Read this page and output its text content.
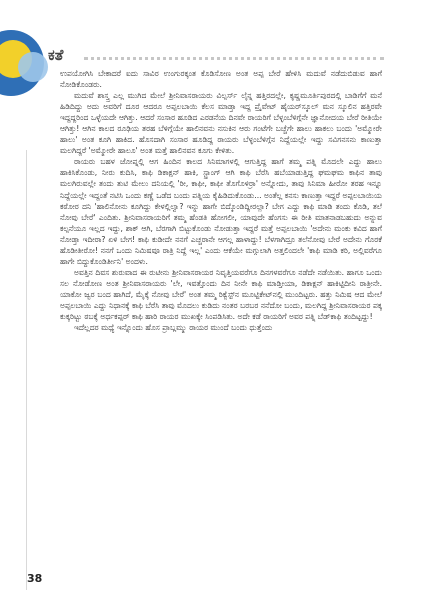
ಕತೆ

ಉಪಯೋಗಿಸಿ ಬೇಕಾದರೆ ಐದು ಸಾವಿರ ಉಂಗುರಕ್ಕಂತ ಕೊಡಿಸೋಣ ಅಂತ ಅಪ್ಪ ಬೇರೆ ಹೇಳಿಸಿ ಮದುವೆ ನಡೆದುಬಿಡುವ ಹಾಗೆ ನೋಡಿಕೊಂಡರು.

ಮದುವೆ ಶಾಸ್ತ್ರ ಎಲ್ಲ ಮುಗಿದ ಮೇಲೆ ಶ್ರೀನಿವಾಸರಾಯರು ವಿಲ್ಪರ್ಸ್ ಲೈನ್ನ ಹತ್ತಿರದಲ್ಲೇ, ಕೃಷ್ಣಮೂರ್ತಿಪುರದಲ್ಲಿ ಬಾಡಿಗೆಗೆ ಮನೆ ಹಿಡಿದಿದ್ದು ಅದು ಅವರಿಗೆ ದೂರ ಆದರೂ ಅಪ್ಪಲಬಾಯಿ ಕೆಲಸ ಮಾಡ್ತಾ ಇದ್ದ ಪ್ರೈವೇಟ್ ಹೈಯರ್‌ಸ್ಕೂಲ್ ಮನ ಸ್ಕೂಲಿನ ಹತ್ತಿರವೇ ಇದ್ದದ್ದರಿಂದ ಒಳ್ಳೆಯದೇ ಆಗಿತ್ತು. ಆದರೆ ಸಂಸಾರ ಹೂಡಿದ ಎರಡನೆಯ ದಿನವೇ ರಾಯರಿಗೆ ಬೆಳ್ಳಂಬೆಳಿಗ್ಗೆನೇ ಜ್ಞಾನೋದಯ ಬೇರೆ ರೀತಿಯೇ ಆಗಿತ್ತು! ಆಗಿನ ಕಾಲದ ರೂಢಿಯ ತರಹ ಬೆಳಿಗ್ಗೆಯೇ ಹಾಲಿನವನು ನಸುಕಿನ ಆರು ಗಂಟೆಗೇ ಬಚ್ಚೆಗೇ ಹಾಲು ಹಾಕಲು ಬಂದು 'ಅಮ್ಮೋರೇ ಹಾಲು' ಅಂತ ಕೂಗಿ ಹಾಕಿದ. ಹೊಸದಾಗಿ ಸಂಸಾರ ಹೂಡಿದ್ದ ರಾಯರು ಬೆಳ್ಳಂಬೆಳಿಗ್ಗೆನ ನಿದ್ದೆಯಲ್ಲೇ ಇದ್ದು ಸವಿಗನಸನು ಕಾಣುತ್ತಾ ಮಲಗಿದ್ದರೆ 'ಅಮ್ಮೋರೇ ಹಾಲೂ' ಅಂತ ಮತ್ತೆ ಹಾಲಿನವನ ಕೂಗು ಕೇಳಿತು.

ರಾಯರು ಬಹಳ ಜೋಪ್ನಲ್ಲಿ ಆಗ ಹಿಂದಿನ ಕಾಲದ ಸಿನಿಮಾಗಳಲ್ಲಿ ಆಗುತ್ತಿದ್ದ ಹಾಗೆ ತಮ್ಮ ಪತ್ನಿ ಮೊದಲೇ ಎದ್ದು ಹಾಲು ಹಾಕಿಸಿಕೊಂಡು, ನೀರು ಕುದಿಸಿ, ಕಾಫಿ ಡಿಕಾಕ್ಷನ್ ಹಾಕಿ, ಸ್ಟ್ರಾಂಗ್ ಆಗಿ ಕಾಫಿ ಬೆರೆಸಿ ಹಬೆಯಾಡುತ್ತಿದ್ದ ಘಮಘಮ ಕಾಫಿನ ತಾವು ಮಲಗಿರುವಲ್ಲೇ ತಂದು ತುಟಿ ಮೇಲು ದನಿಯಲ್ಲಿ 'ರೀ, ಕಾಫೀ, ಕಾಫೀ ತೊಗೊಳಿರ್ರಾ' ಅನ್ನೋದು, ತಾವು ಸಿನಿಮಾ ಹೀರೋ ತರಹ ಇನ್ನೂ ನಿದ್ದೆಯಲ್ಲೇ ಇದ್ದಂತೆ ನಟಿಸಿ ಒಂದು ಕಣ್ಣೆ ಒಡೆದ ಬಂದು ಪತ್ನಿಯ ಕೈಹಿಡಿದುಕೊಂಡು... ಅಂತೆಲ್ಲ ಕನಸು ಕಾಣುತ್ತಾ ಇದ್ದರೆ ಅಪ್ಪಲಬಾಯಿಯ ಕಠೋರ ದನಿ 'ಹಾಲಿನೋನು ಕೂಗಿದ್ದು ಕೇಳಲ್ಲಿಲ್ವಾ? ಇನ್ನು ಹಾಗೇ ಬಿದ್ಕೊಂಡಿದ್ದೀರಲ್ಲಾ? ಬೇಗ ಎದ್ದು ಕಾಫಿ ಮಾಡಿ ತಂದು ಕೊಡಿ, ತಲೆ ನೋವು ಬೇರೆ' ಎಂದಿತು. ಶ್ರೀನಿವಾಸರಾಯರಿಗೆ ತಮ್ಮ ಹೆಂಡತಿ ಹೋಗಲೀ, ಯಾವುದೇ ಹೆಂಗಸು ಈ ರೀತಿ ಮಾತನಾಡಬಹುದು ಅನ್ನುವ ಕಲ್ಪನೆಯೂ ಇಲ್ಲದ ಇದ್ದು, ಶಾಕ್ ಆಗಿ, ಬೆರಗಾಗಿ ಬಿಟ್ಟುಕೊಂಡು ನೋಡುತ್ತಾ ಇದ್ದರೆ ಮತ್ತೆ ಅಪ್ಪಲಬಾಯಿ 'ಅದೇನು ಮಂಕು ಕವಿದ ಹಾಗೆ ನೋಡ್ತಾ ಇದೀರಾ? ಏಳಿ ಬೇಗ! ಕಾಫಿ ಕುಡೀದೇ ನನಗೆ ಎಚ್ಚರಾನೇ ಆಗಲ್ಲ ಹಾಳಾದ್ದು! ಬೆಳಗಾಗಿದ್ರೂ ತಲೆನೋವು ಬೇರೆ ಅದೇನು ಗೊರಕೆ ಹೊಡೀತೀರೋ! ನನಗೆ ಒಂದು ನಿಮಿಷವೂ ರಾತ್ರಿ ನಿದ್ದೆ ಇಲ್ಲ' ಎಂದು ಆಕೆಯೇ ಮಗ್ಗುಲಾಗಿ ಅತ್ತಲಿಂದಲೇ 'ಕಾಫಿ ಮಾಡಿ ಕರಿ, ಅಲ್ಲಿವರೆಗೂ ಹಾಗೇ ಬಿದ್ದುಕೊಂಡಿರ್ತೀನಿ' ಅಂದಳು.

ಅವತ್ತಿನ ದಿವಸ ಶುರುವಾದ ಈ ರುಟೀನು ಶ್ರೀನಿವಾಸರಾಯರ ನಿವೃತ್ತಿಯವರೆಗೂ ದಿನಗಳವರೆಗೂ ನಡೆದೇ ನಡೆಯಿತು. ಹಾಗೂ ಒಂದು ಸಲ ನೋಡೋಣ ಅಂತ ಶ್ರೀನಿವಾಸರಾಯರು 'ಲೇ, ಇವತ್ತೊಂದು ದಿನ ನೀನೇ ಕಾಫಿ ಮಾಡ್ತೀಯಾ, ಡಿಕಾಕ್ಷನ್ ಹಾಕಿಟ್ಟಿದೀನಿ ರಾತ್ರೀನೇ. ಯಾಕೋ ಜ್ವರ ಬಂದ ಹಾಗಿದೆ, ಮೈಕ್ಕೆ ನೋವು ಬೇರೆ' ಅಂತ ತಮ್ಮ ರಿಕ್ವೆಸ್ಟ್‌ನ ಮೂಟ್ಟಿಕೇಟ್‌ನಲ್ಲಿ ಮುಂದಿಟ್ಟರು. ಹತ್ತು ನಿಮಿಷ ಆದ ಮೇಲೆ ಅಪ್ಪಲಬಾಯಿ ಎದ್ದು ನಿಧಾನಕ್ಕೆ ಕಾಫಿ ಬೆರೆಸಿ ತಾವು ಮೊದಲು ಕುಡಿದು ನಂತರ ಬರಬರ ನನೆದೋ ಬಂದು, ಮಲಗಿದ್ದ ಶ್ರೀನಿವಾಸರಾಯರ ಪಕ್ಕ ಕುಕ್ಕರಿಟ್ಟು ಠಬಕ್ಕೆ ಅರ್ಧಕಪ್ಪರ್ ಕಾಫಿ ಹಾರಿ ರಾಯರ ಮುಖಕ್ಕೇ ಸಿಂಪಡಿಸಿತು. ಅದೇ ಕಡೆ ರಾಯರಿಗೆ ಅವರ ಪತ್ನಿ ಬೆಡ್‌ಕಾಫಿ ತಂದಿಟ್ಟದ್ದು!

ಇದೆಲ್ಲದರ ಮಧ್ಯೆ ಇನ್ನೊಂದು ಹೊಸ ಪ್ರಾಬ್ಲಮ್ಮು ರಾಯರ ಮುಂದೆ ಬಂದು ಧುತ್ತೆಂದು

38
